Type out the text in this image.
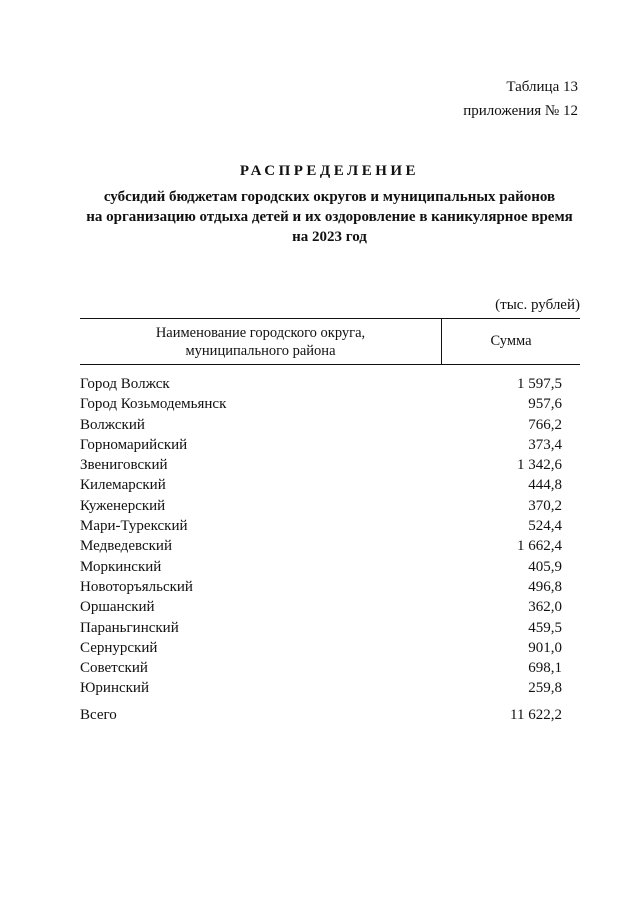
Таблица 13
приложения № 12
РАСПРЕДЕЛЕНИЕ
субсидий бюджетам городских округов и муниципальных районов
на организацию отдыха детей и их оздоровление в каникулярное время
на 2023 год
(тыс. рублей)
Наименование городского округа,
муниципального района
Сумма
Город Волжск	1 597,5
Город Козьмодемьянск	957,6
Волжский	766,2
Горномарийский	373,4
Звениговский	1 342,6
Килемарский	444,8
Куженерский	370,2
Мари-Турекский	524,4
Медведевский	1 662,4
Моркинский	405,9
Новоторъяльский	496,8
Оршанский	362,0
Параньгинский	459,5
Сернурский	901,0
Советский	698,1
Юринский	259,8
Всего	11 622,2
